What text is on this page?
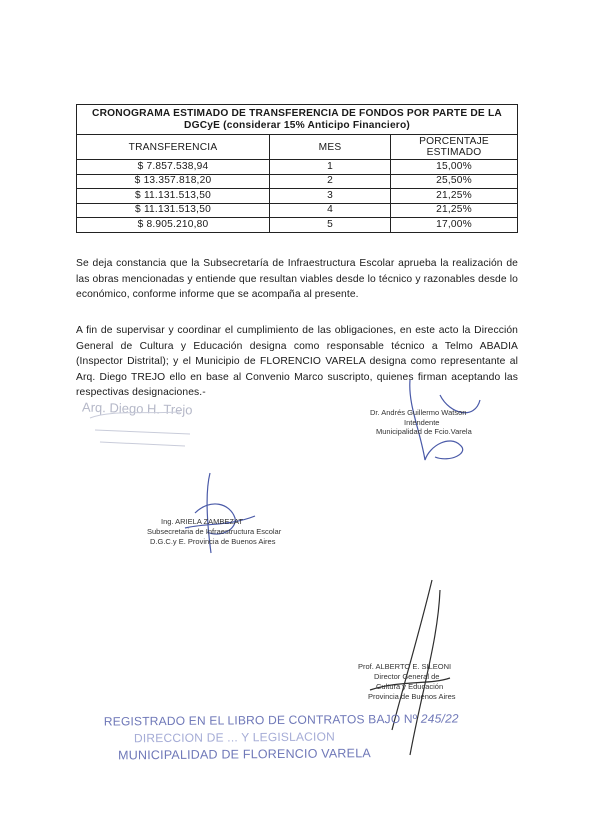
CRONOGRAMA ESTIMADO DE TRANSFERENCIA DE FONDOS POR PARTE DE LA DGCyE (considerar 15% Anticipo Financiero)		
TRANSFERENCIA	MES	PORCENTAJE ESTIMADO
$ 7.857.538,94	1	15,00%
$ 13.357.818,20	2	25,50%
$ 11.131.513,50	3	21,25%
$ 11.131.513,50	4	21,25%
$ 8.905.210,80	5	17,00%

Se deja constancia que la Subsecretaría de Infraestructura Escolar aprueba la realización de las obras mencionadas y entiende que resultan viables desde lo técnico y razonables desde lo económico, conforme informe que se acompaña al presente.

A fin de supervisar y coordinar el cumplimiento de las obligaciones, en este acto la Dirección General de Cultura y Educación designa como responsable técnico a Telmo ABADIA (Inspector Distrital); y el Municipio de FLORENCIO VARELA designa como representante al Arq. Diego TREJO ello en base al Convenio Marco suscripto, quienes firman aceptando las respectivas designaciones.-

Arq. Diego H. Trejo	Dr. Andrés Guillermo Watson
Intendente
Municipalidad de Fcio.Varela
Ing. ARIELA ZAMBEZAT
Subsecretaria de Infraestructura Escolar
D.G.C.y E. Provincia de Buenos Aires
Prof. ALBERTO E. SILEONI
Director General de
Cultura y Educación
Provincia de Buenos Aires
REGISTRADO EN EL LIBRO DE CONTRATOS BAJO Nº 245/22
DIRECCION DE ... Y LEGISLACION
MUNICIPALIDAD DE FLORENCIO VARELA
